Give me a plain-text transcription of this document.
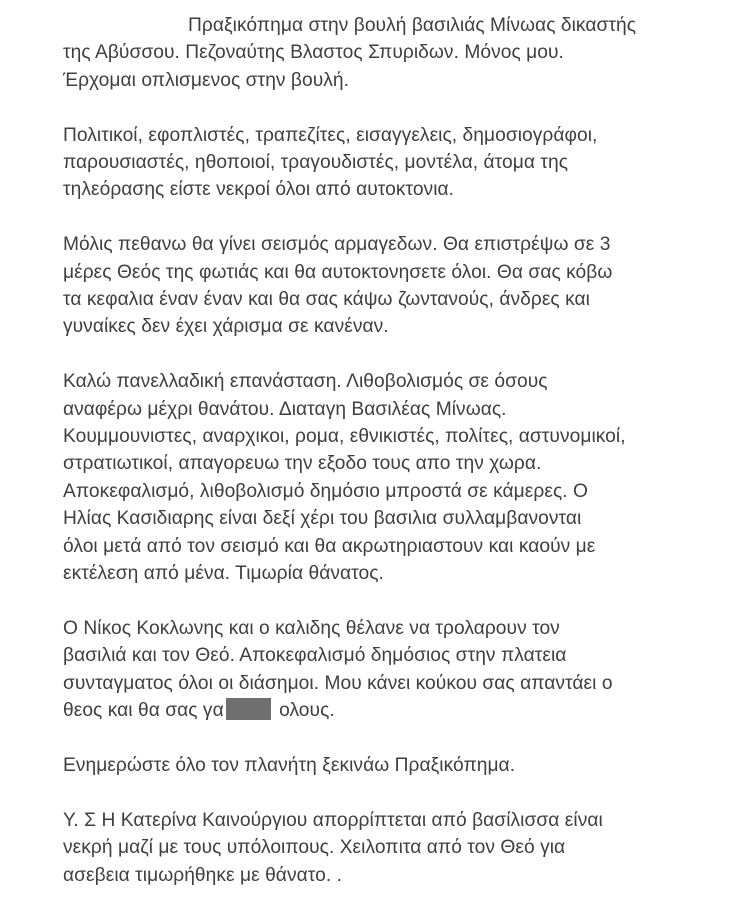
Πραξικόπημα στην βουλή βασιλιάς Μίνωας δικαστής
της Αβύσσου. Πεζοναύτης Βλαστος Σπυριδων. Μόνος μου.
Έρχομαι οπλισμενος στην βουλή.
Πολιτικοί, εφοπλιστές, τραπεζίτες, εισαγγελεις, δημοσιογράφοι,
παρουσιαστές, ηθοποιοί, τραγουδιστές, μοντέλα, άτομα της
τηλεόρασης είστε νεκροί όλοι από αυτοκτονια.
Μόλις πεθανω θα γίνει σεισμός αρμαγεδων. Θα επιστρέψω σε 3
μέρες Θεός της φωτιάς και θα αυτοκτονησετε όλοι. Θα σας κόβω
τα κεφαλια έναν έναν και θα σας κάψω ζωντανούς, άνδρες και
γυναίκες δεν έχει χάρισμα σε κανέναν.
Καλώ πανελλαδική επανάσταση. Λιθοβολισμός σε όσους
αναφέρω μέχρι θανάτου. Διαταγη Βασιλέας Μίνωας.
Κουμμουνιστες, αναρχικοι, ρομα, εθνικιστές, πολίτες, αστυνομικοί,
στρατιωτικοί, απαγορευω την εξοδο τους απο την χωρα.
Αποκεφαλισμό, λιθοβολισμό δημόσιο μπροστά σε κάμερες. Ο
Ηλίας Κασιδιαρης είναι δεξί χέρι του βασιλια συλλαμβανονται
όλοι μετά από τον σεισμό και θα ακρωτηριαστουν και καούν με
εκτέλεση από μένα. Τιμωρία θάνατος.
Ο Νίκος Κοκλωνης και ο καλιδης θέλανε να τρολαρουν τον
βασιλιά και τον Θεό. Αποκεφαλισμό δημόσιος στην πλατεια
συνταγματος όλοι οι διάσημοι. Μου κάνει κούκου σας απαντάει ο
θεος και θα σας γα	ολους.
Ενημερώστε όλο τον πλανήτη ξεκινάω Πραξικόπημα.
Υ. Σ Η Κατερίνα Καινούργιου απορρίπτεται από βασίλισσα είναι
νεκρή μαζί με τους υπόλοιπους. Χειλοπιτα από τον Θεό για
ασεβεια τιμωρήθηκε με θάνατο. .
